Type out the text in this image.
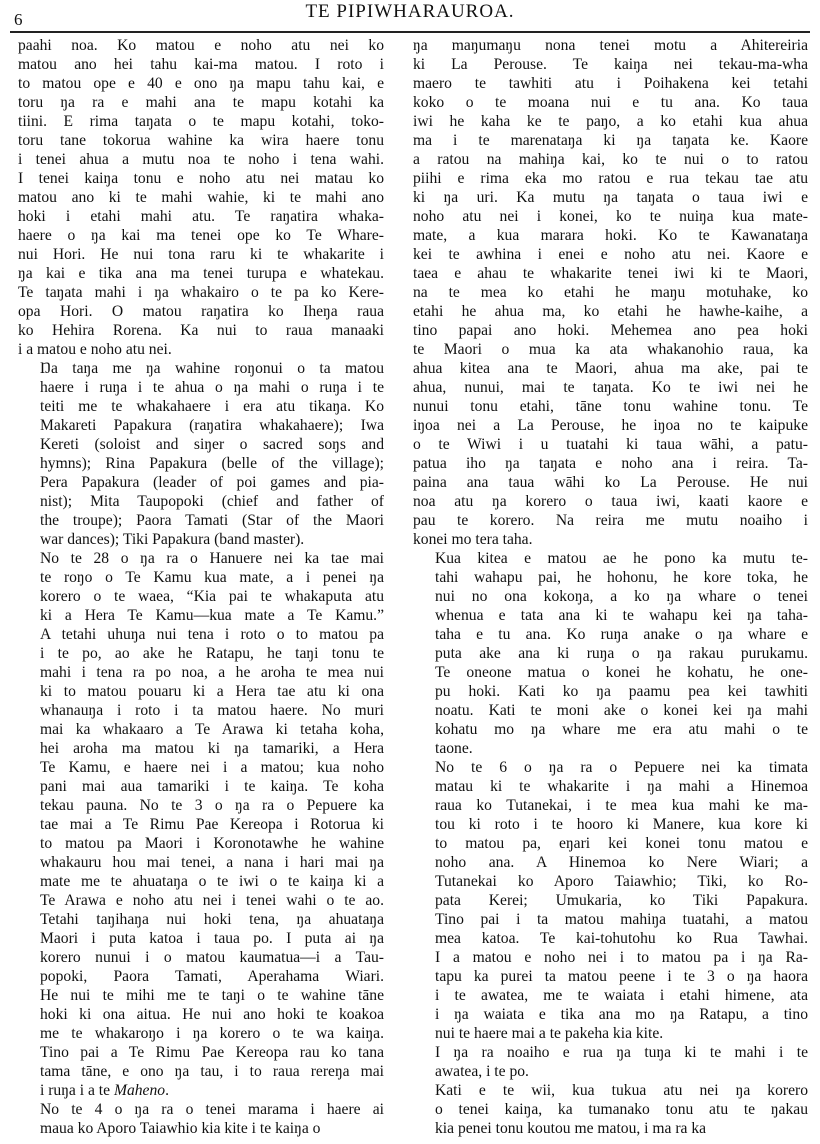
6	TE PIPIWHARAUROA.

paahi noa. Ko matou e noho atu nei ko
matou ano hei tahu kai-ma matou. I roto i
to matou ope e 40 e ono ŋa mapu tahu kai, e
toru ŋa ra e mahi ana te mapu kotahi ka
tiini. E rima taŋata o te mapu kotahi, toko-
toru tane tokorua wahine ka wira haere tonu
i tenei ahua a mutu noa te noho i tena wahi.
I tenei kaiŋa tonu e noho atu nei matau ko
matou ano ki te mahi wahie, ki te mahi ano
hoki i etahi mahi atu. Te raŋatira whaka-
haere o ŋa kai ma tenei ope ko Te Whare-
nui Hori. He nui tona raru ki te whakarite i
ŋa kai e tika ana ma tenei turupa e whatekau.
Te taŋata mahi i ŋa whakairo o te pa ko Kere-
opa Hori. O matou raŋatira ko Iheŋa raua
ko Hehira Rorena. Ka nui to raua manaaki
i a matou e noho atu nei.

Ŋa taŋa me ŋa wahine roŋonui o ta matou
haere i ruŋa i te ahua o ŋa mahi o ruŋa i te
teiti me te whakahaere i era atu tikaŋa. Ko
Makareti Papakura (raŋatira whakahaere); Iwa
Kereti (soloist and siŋer o sacred soŋs and
hymns); Rina Papakura (belle of the village);
Pera Papakura (leader of poi games and pia-
nist); Mita Taupopoki (chief and father of
the troupe); Paora Tamati (Star of the Maori
war dances); Tiki Papakura (band master).

No te 28 o ŋa ra o Hanuere nei ka tae mai
te roŋo o Te Kamu kua mate, a i penei ŋa
korero o te waea, “Kia pai te whakaputa atu
ki a Hera Te Kamu—kua mate a Te Kamu.”
A tetahi uhuŋa nui tena i roto o to matou pa
i te po, ao ake he Ratapu, he taŋi tonu te
mahi i tena ra po noa, a he aroha te mea nui
ki to matou pouaru ki a Hera tae atu ki ona
whanauŋa i roto i ta matou haere. No muri
mai ka whakaaro a Te Arawa ki tetaha koha,
hei aroha ma matou ki ŋa tamariki, a Hera
Te Kamu, e haere nei i a matou; kua noho
pani mai aua tamariki i te kaiŋa. Te koha
tekau pauna. No te 3 o ŋa ra o Pepuere ka
tae mai a Te Rimu Pae Kereopa i Rotorua ki
to matou pa Maori i Koronotawhe he wahine
whakauru hou mai tenei, a nana i hari mai ŋa
mate me te ahuataŋa o te iwi o te kaiŋa ki a
Te Arawa e noho atu nei i tenei wahi o te ao.
Tetahi taŋihaŋa nui hoki tena, ŋa ahuataŋa
Maori i puta katoa i taua po. I puta ai ŋa
korero nunui i o matou kaumatua—i a Tau-
popoki, Paora Tamati, Aperahama Wiari.
He nui te mihi me te taŋi o te wahine tāne
hoki ki ona aitua. He nui ano hoki te koakoa
me te whakaroŋo i ŋa korero o te wa kaiŋa.
Tino pai a Te Rimu Pae Kereopa rau ko tana
tama tāne, e ono ŋa tau, i to raua rereŋa mai
i ruŋa i a te Maheno.

No te 4 o ŋa ra o tenei marama i haere ai
maua ko Aporo Taiawhio kia kite i te kaiŋa o

ŋa maŋumaŋu nona tenei motu a Ahitereiria
ki La Perouse. Te kaiŋa nei tekau-ma-wha
maero te tawhiti atu i Poihakena kei tetahi
koko o te moana nui e tu ana. Ko taua
iwi he kaha ke te paŋo, a ko etahi kua ahua
ma i te marenataŋa ki ŋa taŋata ke. Kaore
a ratou na mahiŋa kai, ko te nui o to ratou
piihi e rima eka mo ratou e rua tekau tae atu
ki ŋa uri. Ka mutu ŋa taŋata o taua iwi e
noho atu nei i konei, ko te nuiŋa kua mate-
mate, a kua marara hoki. Ko te Kawanataŋa
kei te awhina i enei e noho atu nei. Kaore e
taea e ahau te whakarite tenei iwi ki te Maori,
na te mea ko etahi he maŋu motuhake, ko
etahi he ahua ma, ko etahi he hawhe-kaihe, a
tino papai ano hoki. Mehemea ano pea hoki
te Maori o mua ka ata whakanohio raua, ka
ahua kitea ana te Maori, ahua ma ake, pai te
ahua, nunui, mai te taŋata. Ko te iwi nei he
nunui tonu etahi, tāne tonu wahine tonu. Te
iŋoa nei a La Perouse, he iŋoa no te kaipuke
o te Wiwi i u tuatahi ki taua wāhi, a patu-
patua iho ŋa taŋata e noho ana i reira. Ta-
paina ana taua wāhi ko La Perouse. He nui
noa atu ŋa korero o taua iwi, kaati kaore e
pau te korero. Na reira me mutu noaiho i
konei mo tera taha.

Kua kitea e matou ae he pono ka mutu te-
tahi wahapu pai, he hohonu, he kore toka, he
nui no ona kokoŋa, a ko ŋa whare o tenei
whenua e tata ana ki te wahapu kei ŋa taha-
taha e tu ana. Ko ruŋa anake o ŋa whare e
puta ake ana ki ruŋa o ŋa rakau purukamu.
Te oneone matua o konei he kohatu, he one-
pu hoki. Kati ko ŋa paamu pea kei tawhiti
noatu. Kati te moni ake o konei kei ŋa mahi
kohatu mo ŋa whare me era atu mahi o te
taone.

No te 6 o ŋa ra o Pepuere nei ka timata
matau ki te whakarite i ŋa mahi a Hinemoa
raua ko Tutanekai, i te mea kua mahi ke ma-
tou ki roto i te hooro ki Manere, kua kore ki
to matou pa, eŋari kei konei tonu matou e
noho ana. A Hinemoa ko Nere Wiari; a
Tutanekai ko Aporo Taiawhio; Tiki, ko Ro-
pata Kerei; Umukaria, ko Tiki Papakura.
Tino pai i ta matou mahiŋa tuatahi, a matou
mea katoa. Te kai-tohutohu ko Rua Tawhai.
I a matou e noho nei i to matou pa i ŋa Ra-
tapu ka purei ta matou peene i te 3 o ŋa haora
i te awatea, me te waiata i etahi himene, ata
i ŋa waiata e tika ana mo ŋa Ratapu, a tino
nui te haere mai a te pakeha kia kite.

I ŋa ra noaiho e rua ŋa tuŋa ki te mahi i te
awatea, i te po.

Kati e te wii, kua tukua atu nei ŋa korero
o tenei kaiŋa, ka tumanako tonu atu te ŋakau
kia penei tonu koutou me matou, i ma ra ka
